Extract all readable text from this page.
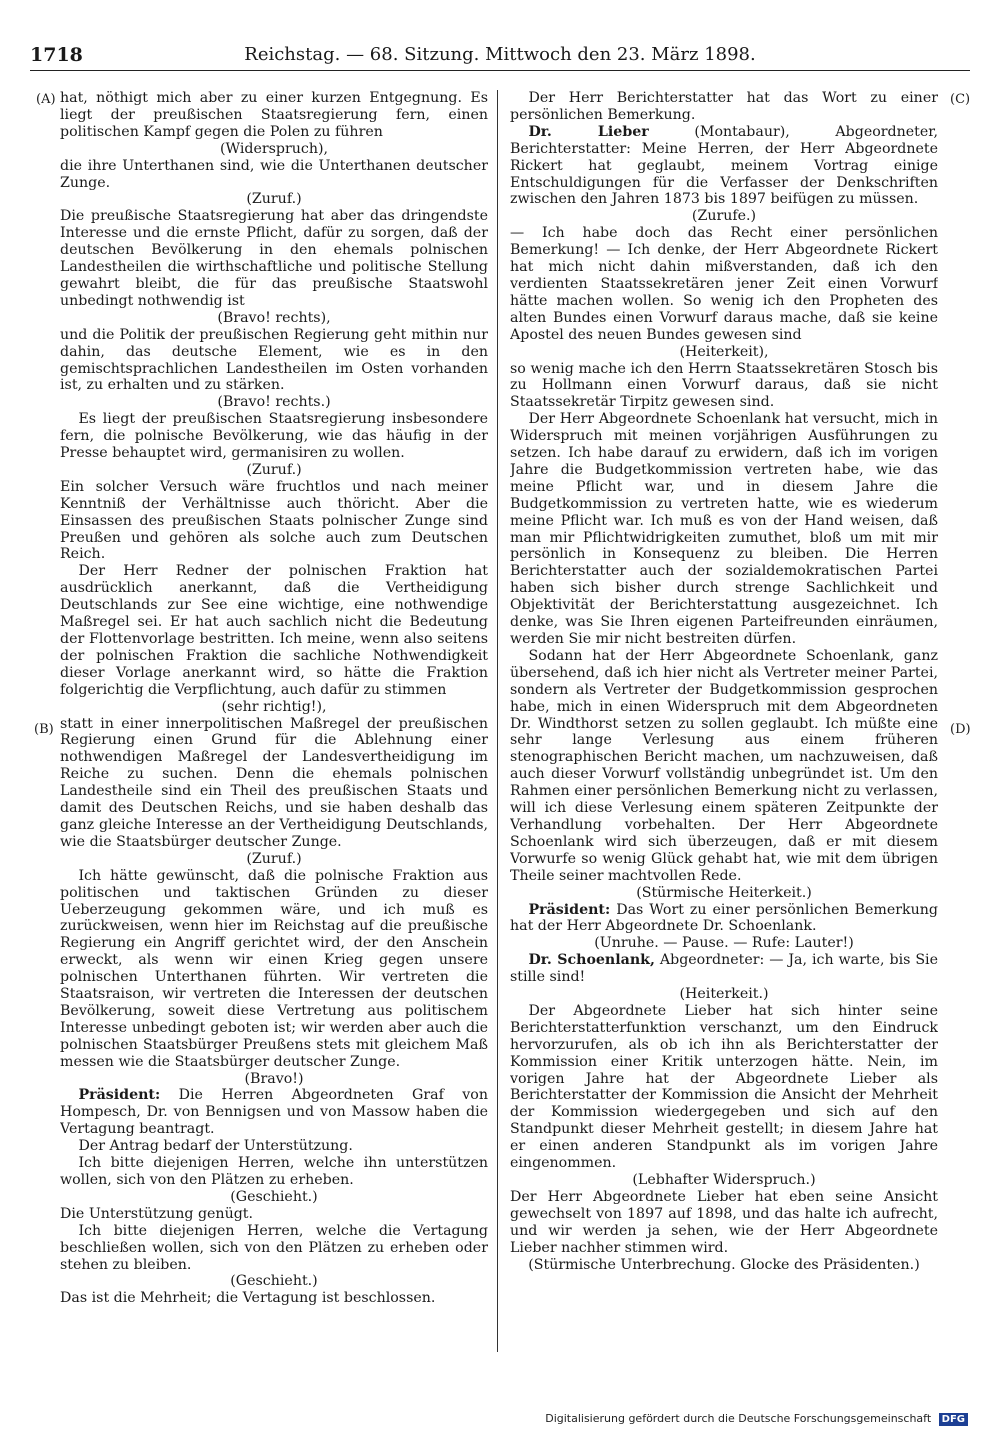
1718	Reichstag. — 68. Sitzung. Mittwoch den 23. März 1898.
(A)
(B)
(C)
(D)

hat, nöthigt mich aber zu einer kurzen Entgegnung. Es liegt der preußischen Staatsregierung fern, einen politischen Kampf gegen die Polen zu führen

(Widerspruch),

die ihre Unterthanen sind, wie die Unterthanen deutscher Zunge.

(Zuruf.)

Die preußische Staatsregierung hat aber das dringendste Interesse und die ernste Pflicht, dafür zu sorgen, daß der deutschen Bevölkerung in den ehemals polnischen Landestheilen die wirthschaftliche und politische Stellung gewahrt bleibt, die für das preußische Staatswohl unbedingt nothwendig ist

(Bravo! rechts),

und die Politik der preußischen Regierung geht mithin nur dahin, das deutsche Element, wie es in den gemischtsprachlichen Landestheilen im Osten vorhanden ist, zu erhalten und zu stärken.

(Bravo! rechts.)

Es liegt der preußischen Staatsregierung insbesondere fern, die polnische Bevölkerung, wie das häufig in der Presse behauptet wird, germanisiren zu wollen.

(Zuruf.)

Ein solcher Versuch wäre fruchtlos und nach meiner Kenntniß der Verhältnisse auch thöricht. Aber die Einsassen des preußischen Staats polnischer Zunge sind Preußen und gehören als solche auch zum Deutschen Reich.

Der Herr Redner der polnischen Fraktion hat ausdrücklich anerkannt, daß die Vertheidigung Deutschlands zur See eine wichtige, eine nothwendige Maßregel sei. Er hat auch sachlich nicht die Bedeutung der Flottenvorlage bestritten. Ich meine, wenn also seitens der polnischen Fraktion die sachliche Nothwendigkeit dieser Vorlage anerkannt wird, so hätte die Fraktion folgerichtig die Verpflichtung, auch dafür zu stimmen

(sehr richtig!),

statt in einer innerpolitischen Maßregel der preußischen Regierung einen Grund für die Ablehnung einer nothwendigen Maßregel der Landesvertheidigung im Reiche zu suchen. Denn die ehemals polnischen Landestheile sind ein Theil des preußischen Staats und damit des Deutschen Reichs, und sie haben deshalb das ganz gleiche Interesse an der Vertheidigung Deutschlands, wie die Staatsbürger deutscher Zunge.

(Zuruf.)

Ich hätte gewünscht, daß die polnische Fraktion aus politischen und taktischen Gründen zu dieser Ueberzeugung gekommen wäre, und ich muß es zurückweisen, wenn hier im Reichstag auf die preußische Regierung ein Angriff gerichtet wird, der den Anschein erweckt, als wenn wir einen Krieg gegen unsere polnischen Unterthanen führten. Wir vertreten die Staatsraison, wir vertreten die Interessen der deutschen Bevölkerung, soweit diese Vertretung aus politischem Interesse unbedingt geboten ist; wir werden aber auch die polnischen Staatsbürger Preußens stets mit gleichem Maß messen wie die Staatsbürger deutscher Zunge.

(Bravo!)

Präsident: Die Herren Abgeordneten Graf von Hompesch, Dr. von Bennigsen und von Massow haben die Vertagung beantragt.

Der Antrag bedarf der Unterstützung.

Ich bitte diejenigen Herren, welche ihn unterstützen wollen, sich von den Plätzen zu erheben.

(Geschieht.)

Die Unterstützung genügt.

Ich bitte diejenigen Herren, welche die Vertagung beschließen wollen, sich von den Plätzen zu erheben oder stehen zu bleiben.

(Geschieht.)

Das ist die Mehrheit; die Vertagung ist beschlossen.

Der Herr Berichterstatter hat das Wort zu einer persönlichen Bemerkung.

Dr. Lieber	(Montabaur), Abgeordneter, Berichterstatter: Meine Herren, der Herr Abgeordnete Rickert hat geglaubt, meinem Vortrag einige Entschuldigungen für die Verfasser der Denkschriften zwischen den Jahren 1873 bis 1897 beifügen zu müssen.

(Zurufe.)

— Ich habe doch das Recht einer persönlichen Bemerkung! — Ich denke, der Herr Abgeordnete Rickert hat mich nicht dahin mißverstanden, daß ich den verdienten Staatssekretären jener Zeit einen Vorwurf hätte machen wollen. So wenig ich den Propheten des alten Bundes einen Vorwurf daraus mache, daß sie keine Apostel des neuen Bundes gewesen sind

(Heiterkeit),

so wenig mache ich den Herrn Staatssekretären Stosch bis zu Hollmann einen Vorwurf daraus, daß sie nicht Staatssekretär Tirpitz gewesen sind.

Der Herr Abgeordnete Schoenlank hat versucht, mich in Widerspruch mit meinen vorjährigen Ausführungen zu setzen. Ich habe darauf zu erwidern, daß ich im vorigen Jahre die Budgetkommission vertreten habe, wie das meine Pflicht war, und in diesem Jahre die Budgetkommission zu vertreten hatte, wie es wiederum meine Pflicht war. Ich muß es von der Hand weisen, daß man mir Pflichtwidrigkeiten zumuthet, bloß um mit mir persönlich in Konsequenz zu bleiben. Die Herren Berichterstatter auch der sozialdemokratischen Partei haben sich bisher durch strenge Sachlichkeit und Objektivität der Berichterstattung ausgezeichnet. Ich denke, was Sie Ihren eigenen Parteifreunden einräumen, werden Sie mir nicht bestreiten dürfen.

Sodann hat der Herr Abgeordnete Schoenlank, ganz übersehend, daß ich hier nicht als Vertreter meiner Partei, sondern als Vertreter der Budgetkommission gesprochen habe, mich in einen Widerspruch mit dem Abgeordneten Dr. Windthorst setzen zu sollen geglaubt. Ich müßte eine sehr lange Verlesung aus einem früheren stenographischen Bericht machen, um nachzuweisen, daß auch dieser Vorwurf vollständig unbegründet ist. Um den Rahmen einer persönlichen Bemerkung nicht zu verlassen, will ich diese Verlesung einem späteren Zeitpunkte der Verhandlung vorbehalten. Der Herr Abgeordnete Schoenlank wird sich überzeugen, daß er mit diesem Vorwurfe so wenig Glück gehabt hat, wie mit dem übrigen Theile seiner machtvollen Rede.

(Stürmische Heiterkeit.)

Präsident: Das Wort zu einer persönlichen Bemerkung hat der Herr Abgeordnete Dr. Schoenlank.

(Unruhe. — Pause. — Rufe: Lauter!)

Dr. Schoenlank, Abgeordneter: — Ja, ich warte, bis Sie stille sind!

(Heiterkeit.)

Der Abgeordnete Lieber hat sich hinter seine Berichterstatterfunktion verschanzt, um den Eindruck hervorzurufen, als ob ich ihn als Berichterstatter der Kommission einer Kritik unterzogen hätte. Nein, im vorigen Jahre hat der Abgeordnete Lieber als Berichterstatter der Kommission die Ansicht der Mehrheit der Kommission wiedergegeben und sich auf den Standpunkt dieser Mehrheit gestellt; in diesem Jahre hat er einen anderen Standpunkt als im vorigen Jahre eingenommen.

(Lebhafter Widerspruch.)

Der Herr Abgeordnete Lieber hat eben seine Ansicht gewechselt von 1897 auf 1898, und das halte ich aufrecht, und wir werden ja sehen, wie der Herr Abgeordnete Lieber nachher stimmen wird.

(Stürmische Unterbrechung. Glocke des Präsidenten.)

Digitalisierung gefördert durch die Deutsche Forschungsgemeinschaft DFG
